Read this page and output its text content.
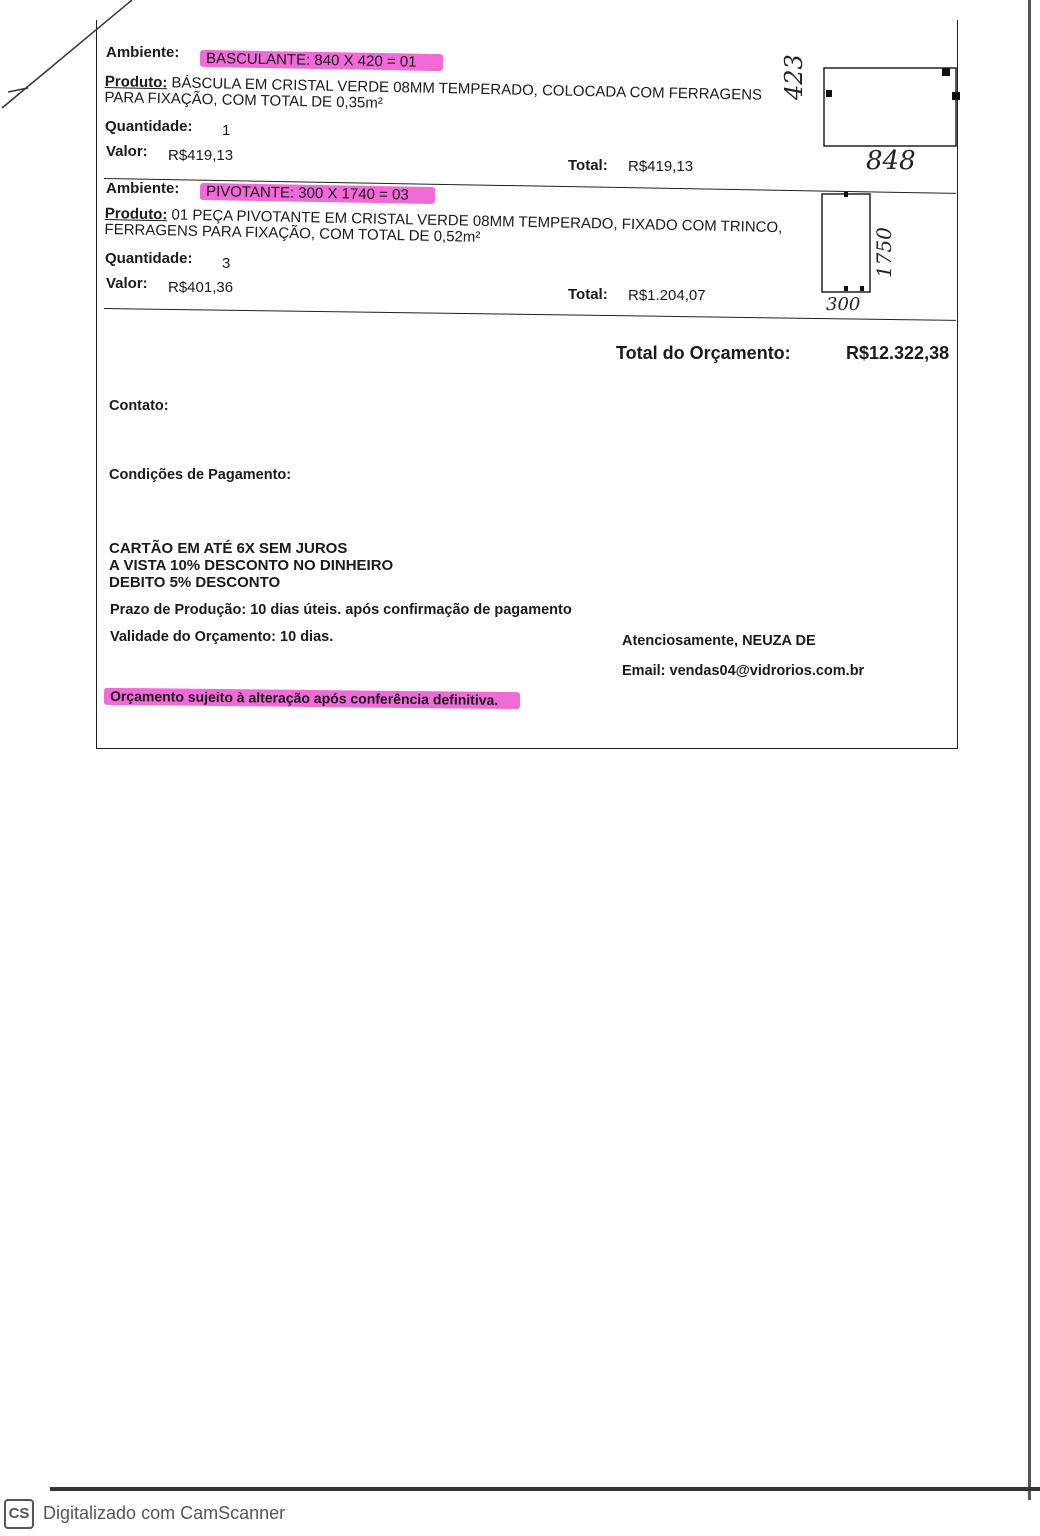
Ambiente:	BASCULANTE: 840 X 420 = 01
Produto: BÁSCULA EM CRISTAL VERDE 08MM TEMPERADO, COLOCADA COM FERRAGENS PARA FIXAÇÃO, COM TOTAL DE 0,35m²
Quantidade: 1
Valor: R$419,13
Total: R$419,13
423
848
Ambiente:	PIVOTANTE: 300 X 1740 = 03
Produto: 01 PEÇA PIVOTANTE EM CRISTAL VERDE 08MM TEMPERADO, FIXADO COM TRINCO, FERRAGENS PARA FIXAÇÃO, COM TOTAL DE 0,52m²
Quantidade: 3
Valor: R$401,36	Total: R$1.204,07
1750
300
Total do Orçamento:	R$12.322,38
Contato:
Condições de Pagamento:
CARTÃO EM ATÉ 6X SEM JUROS
A VISTA 10% DESCONTO NO DINHEIRO
DEBITO 5% DESCONTO
Prazo de Produção: 10 dias úteis. após confirmação de pagamento
Validade do Orçamento: 10 dias.	Atenciosamente, NEUZA DE
Email: vendas04@vidrorios.com.br
Orçamento sujeito à alteração após conferência definitiva.
CS Digitalizado com CamScanner
